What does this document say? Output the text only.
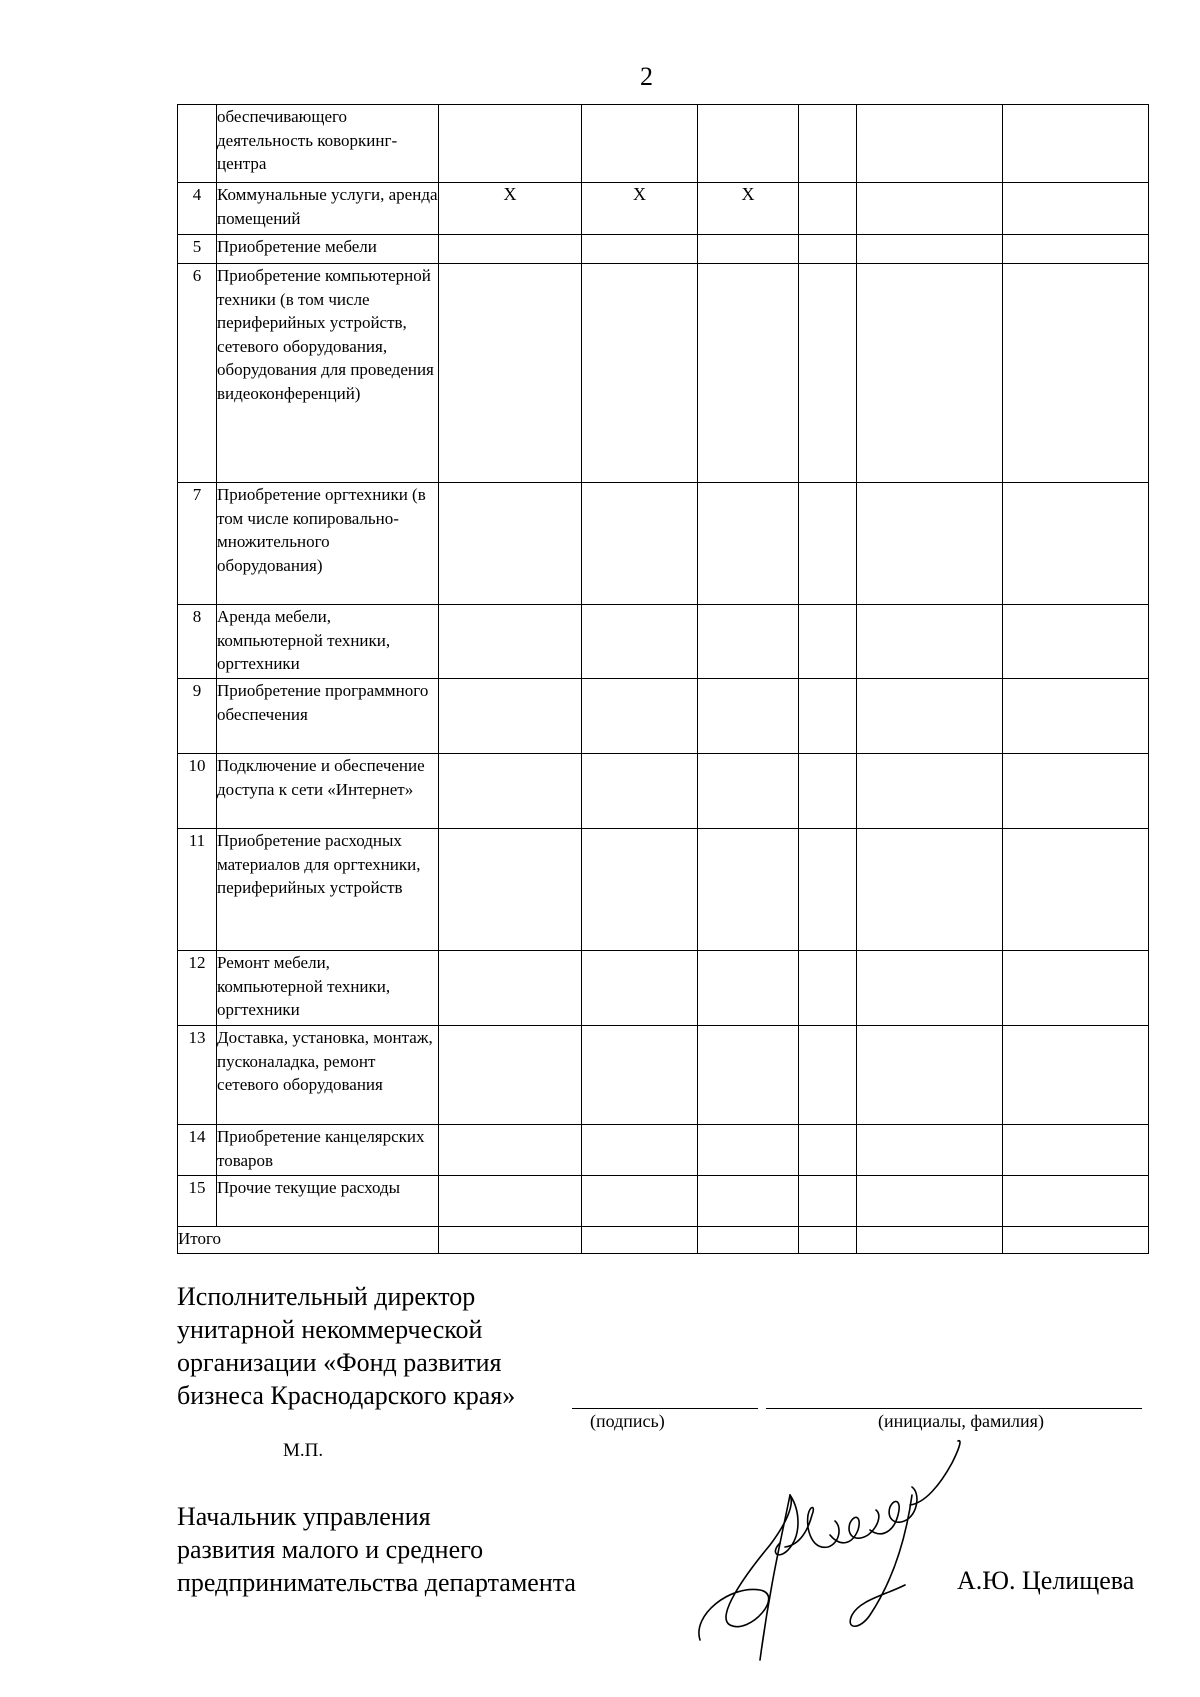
2
	обеспечивающего деятельность коворкинг-центра						
4	Коммунальные услуги, аренда помещений	Х	Х	Х			
5	Приобретение мебели						
6	Приобретение компьютерной техники (в том числе периферийных устройств, сетевого оборудования, оборудования для проведения видеоконференций)						
7	Приобретение оргтехники (в том числе копировально-множительного оборудования)						
8	Аренда мебели, компьютерной техники, оргтехники						
9	Приобретение программного обеспечения						
10	Подключение и обеспечение доступа к сети «Интернет»						
11	Приобретение расходных материалов для оргтехники, периферийных устройств						
12	Ремонт мебели, компьютерной техники, оргтехники						
13	Доставка, установка, монтаж, пусконаладка, ремонт сетевого оборудования						
14	Приобретение канцелярских товаров						
15	Прочие текущие расходы						
Итого							
Исполнительный директор
унитарной некоммерческой
организации «Фонд развития
бизнеса Краснодарского края»
(подпись)	(инициалы, фамилия)
М.П.
Начальник управления
развития малого и среднего
предпринимательства департамента	А.Ю. Целищева
